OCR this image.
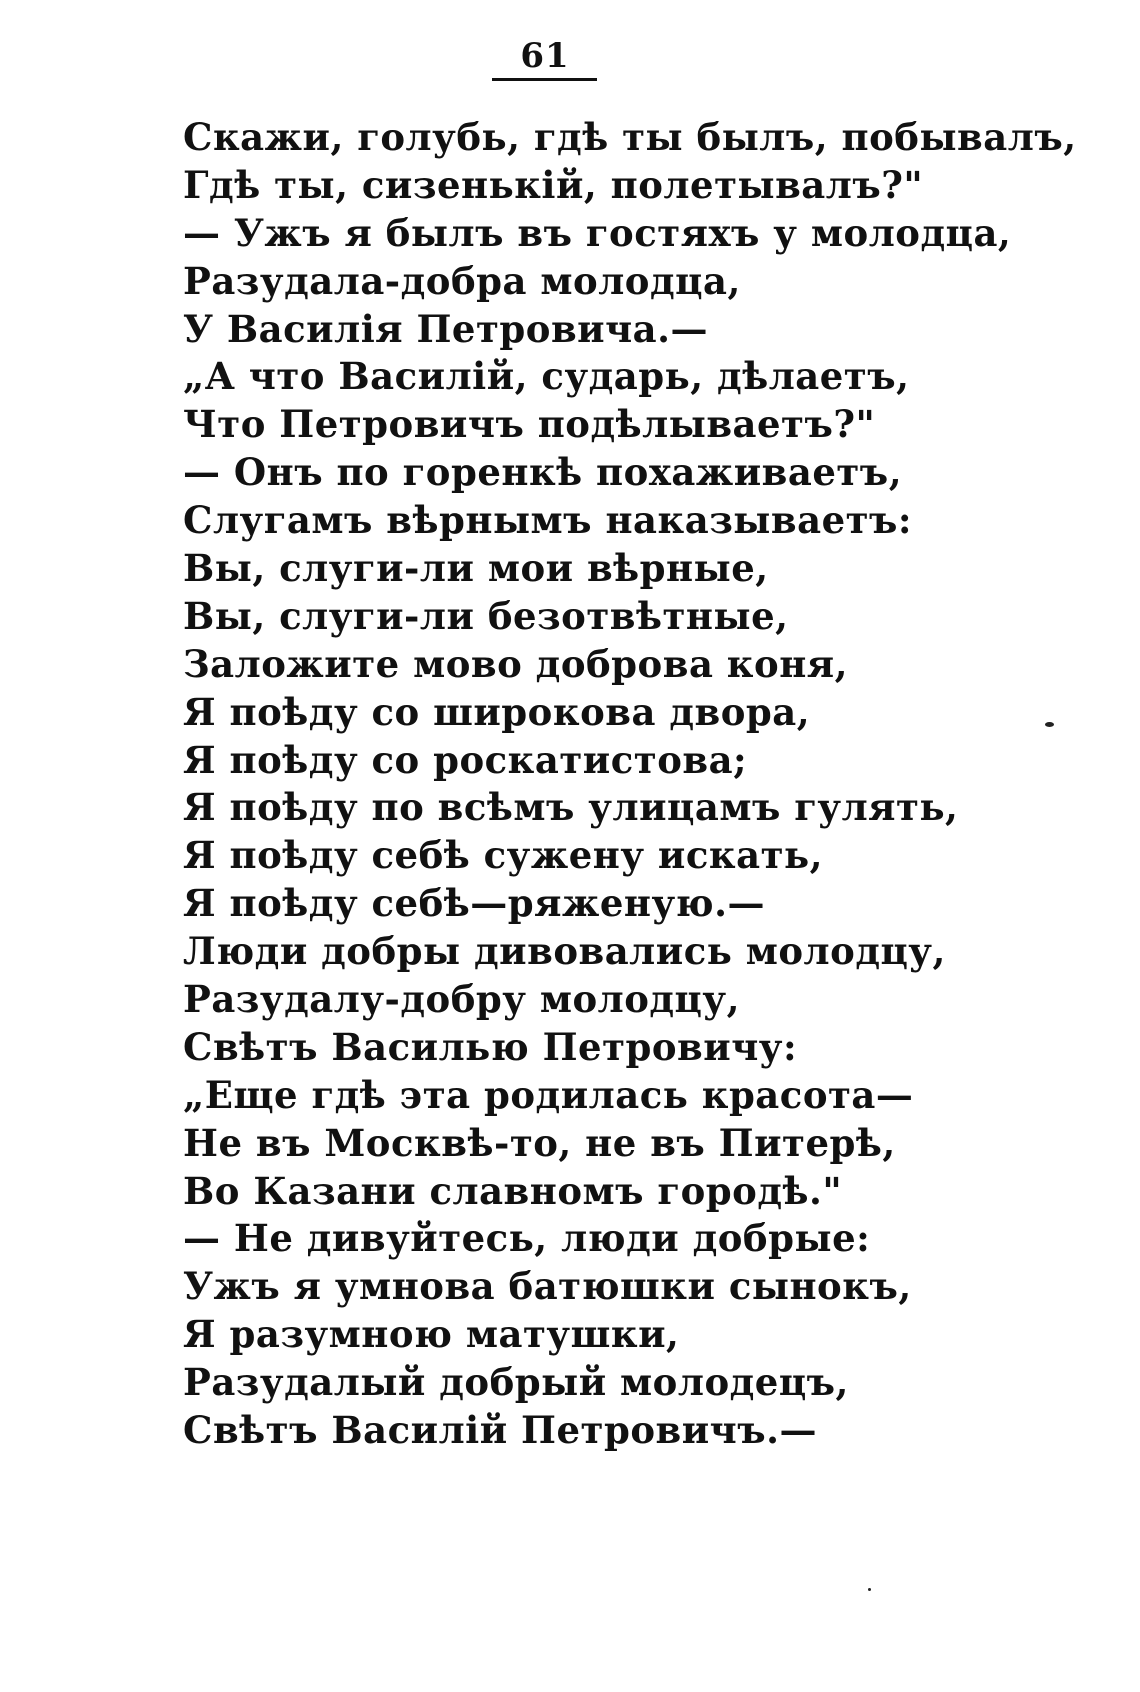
61
Скажи, голубь, гдѣ ты былъ, побывалъ,
Гдѣ ты, сизенькій, полетывалъ?"
— Ужъ я былъ въ гостяхъ у молодца,
Разудала-добра молодца,
У Василія Петровича.—
„А что Василій, сударь, дѣлаетъ,
Что Петровичъ подѣлываетъ?"
— Онъ по горенкѣ похаживаетъ,
Слугамъ вѣрнымъ наказываетъ:
Вы, слуги-ли мои вѣрные,
Вы, слуги-ли безотвѣтные,
Заложите мово доброва коня,
Я поѣду со широкова двора,
Я поѣду со роскатистова;
Я поѣду по всѣмъ улицамъ гулять,
Я поѣду себѣ сужену искать,
Я поѣду себѣ—ряженую.—
Люди добры дивовались молодцу,
Разудалу-добру молодцу,
Свѣтъ Василью Петровичу:
„Еще гдѣ эта родилась красота—
Не въ Москвѣ-то, не въ Питерѣ,
Во Казани славномъ городѣ."
— Не дивуйтесь, люди добрые:
Ужъ я умнова батюшки сынокъ,
Я разумною матушки,
Разудалый добрый молодецъ,
Свѣтъ Василій Петровичъ.—
